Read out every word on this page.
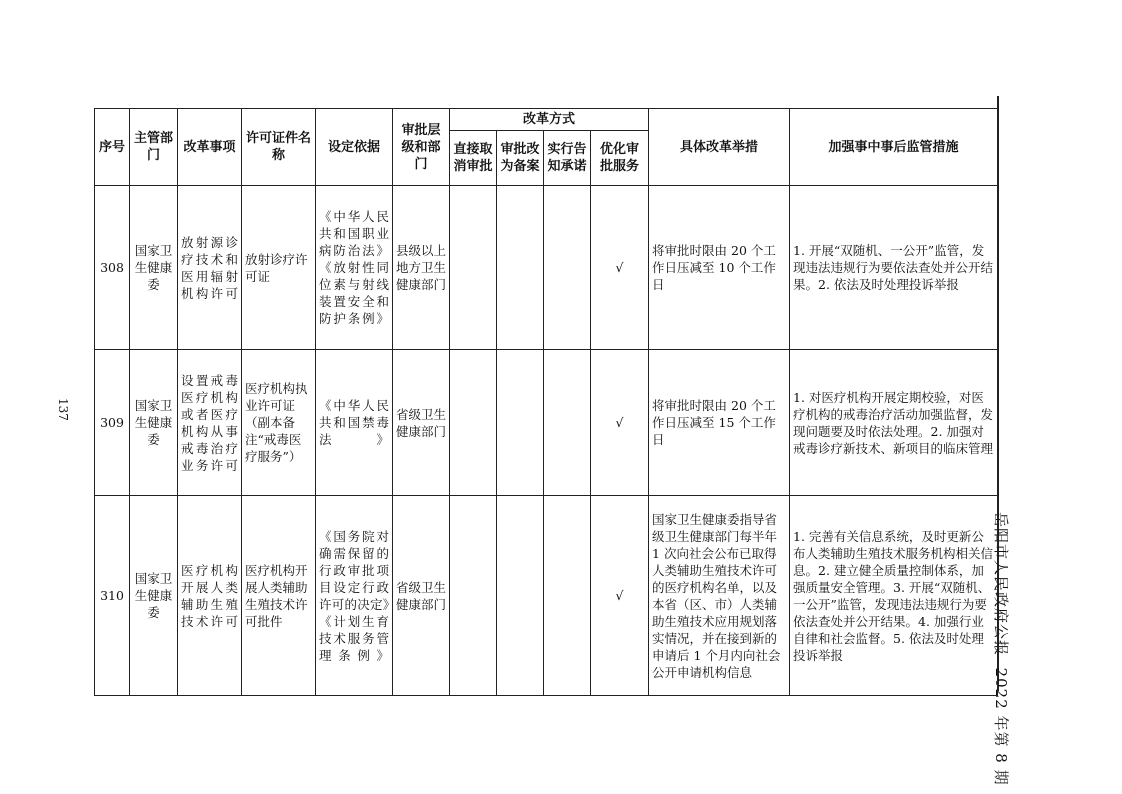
137
岳阳市人民政府公报  2022 年第 8 期
序号	主管部门	改革事项	许可证件名称	设定依据	审批层级和部门	改革方式				具体改革举措	加强事中事后监管措施
						直接取消审批	审批改为备案	实行告知承诺	优化审批服务		
308	国家卫生健康委	放射源诊疗技术和医用辐射机构许可	放射诊疗许可证	《中华人民共和国职业病防治法》《放射性同位素与射线装置安全和防护条例》	县级以上地方卫生健康部门				√	将审批时限由 20 个工作日压减至 10 个工作日	1. 开展“双随机、一公开”监管，发现违法违规行为要依法查处并公开结果。2. 依法及时处理投诉举报
309	国家卫生健康委	设置戒毒医疗机构或者医疗机构从事戒毒治疗业务许可	医疗机构执业许可证（副本备注“戒毒医疗服务”）	《中华人民共和国禁毒法》	省级卫生健康部门				√	将审批时限由 20 个工作日压减至 15 个工作日	1. 对医疗机构开展定期校验，对医疗机构的戒毒治疗活动加强监督，发现问题要及时依法处理。2. 加强对戒毒诊疗新技术、新项目的临床管理
310	国家卫生健康委	医疗机构开展人类辅助生殖技术许可	医疗机构开展人类辅助生殖技术许可批件	《国务院对确需保留的行政审批项目设定行政许可的决定》《计划生育技术服务管理条例》	省级卫生健康部门				√	国家卫生健康委指导省级卫生健康部门每半年 1 次向社会公布已取得人类辅助生殖技术许可的医疗机构名单，以及本省（区、市）人类辅助生殖技术应用规划落实情况，并在接到新的申请后 1 个月内向社会公开申请机构信息	1. 完善有关信息系统，及时更新公布人类辅助生殖技术服务机构相关信息。2. 建立健全质量控制体系，加强质量安全管理。3. 开展“双随机、一公开”监管，发现违法违规行为要依法查处并公开结果。4. 加强行业自律和社会监督。5. 依法及时处理投诉举报
